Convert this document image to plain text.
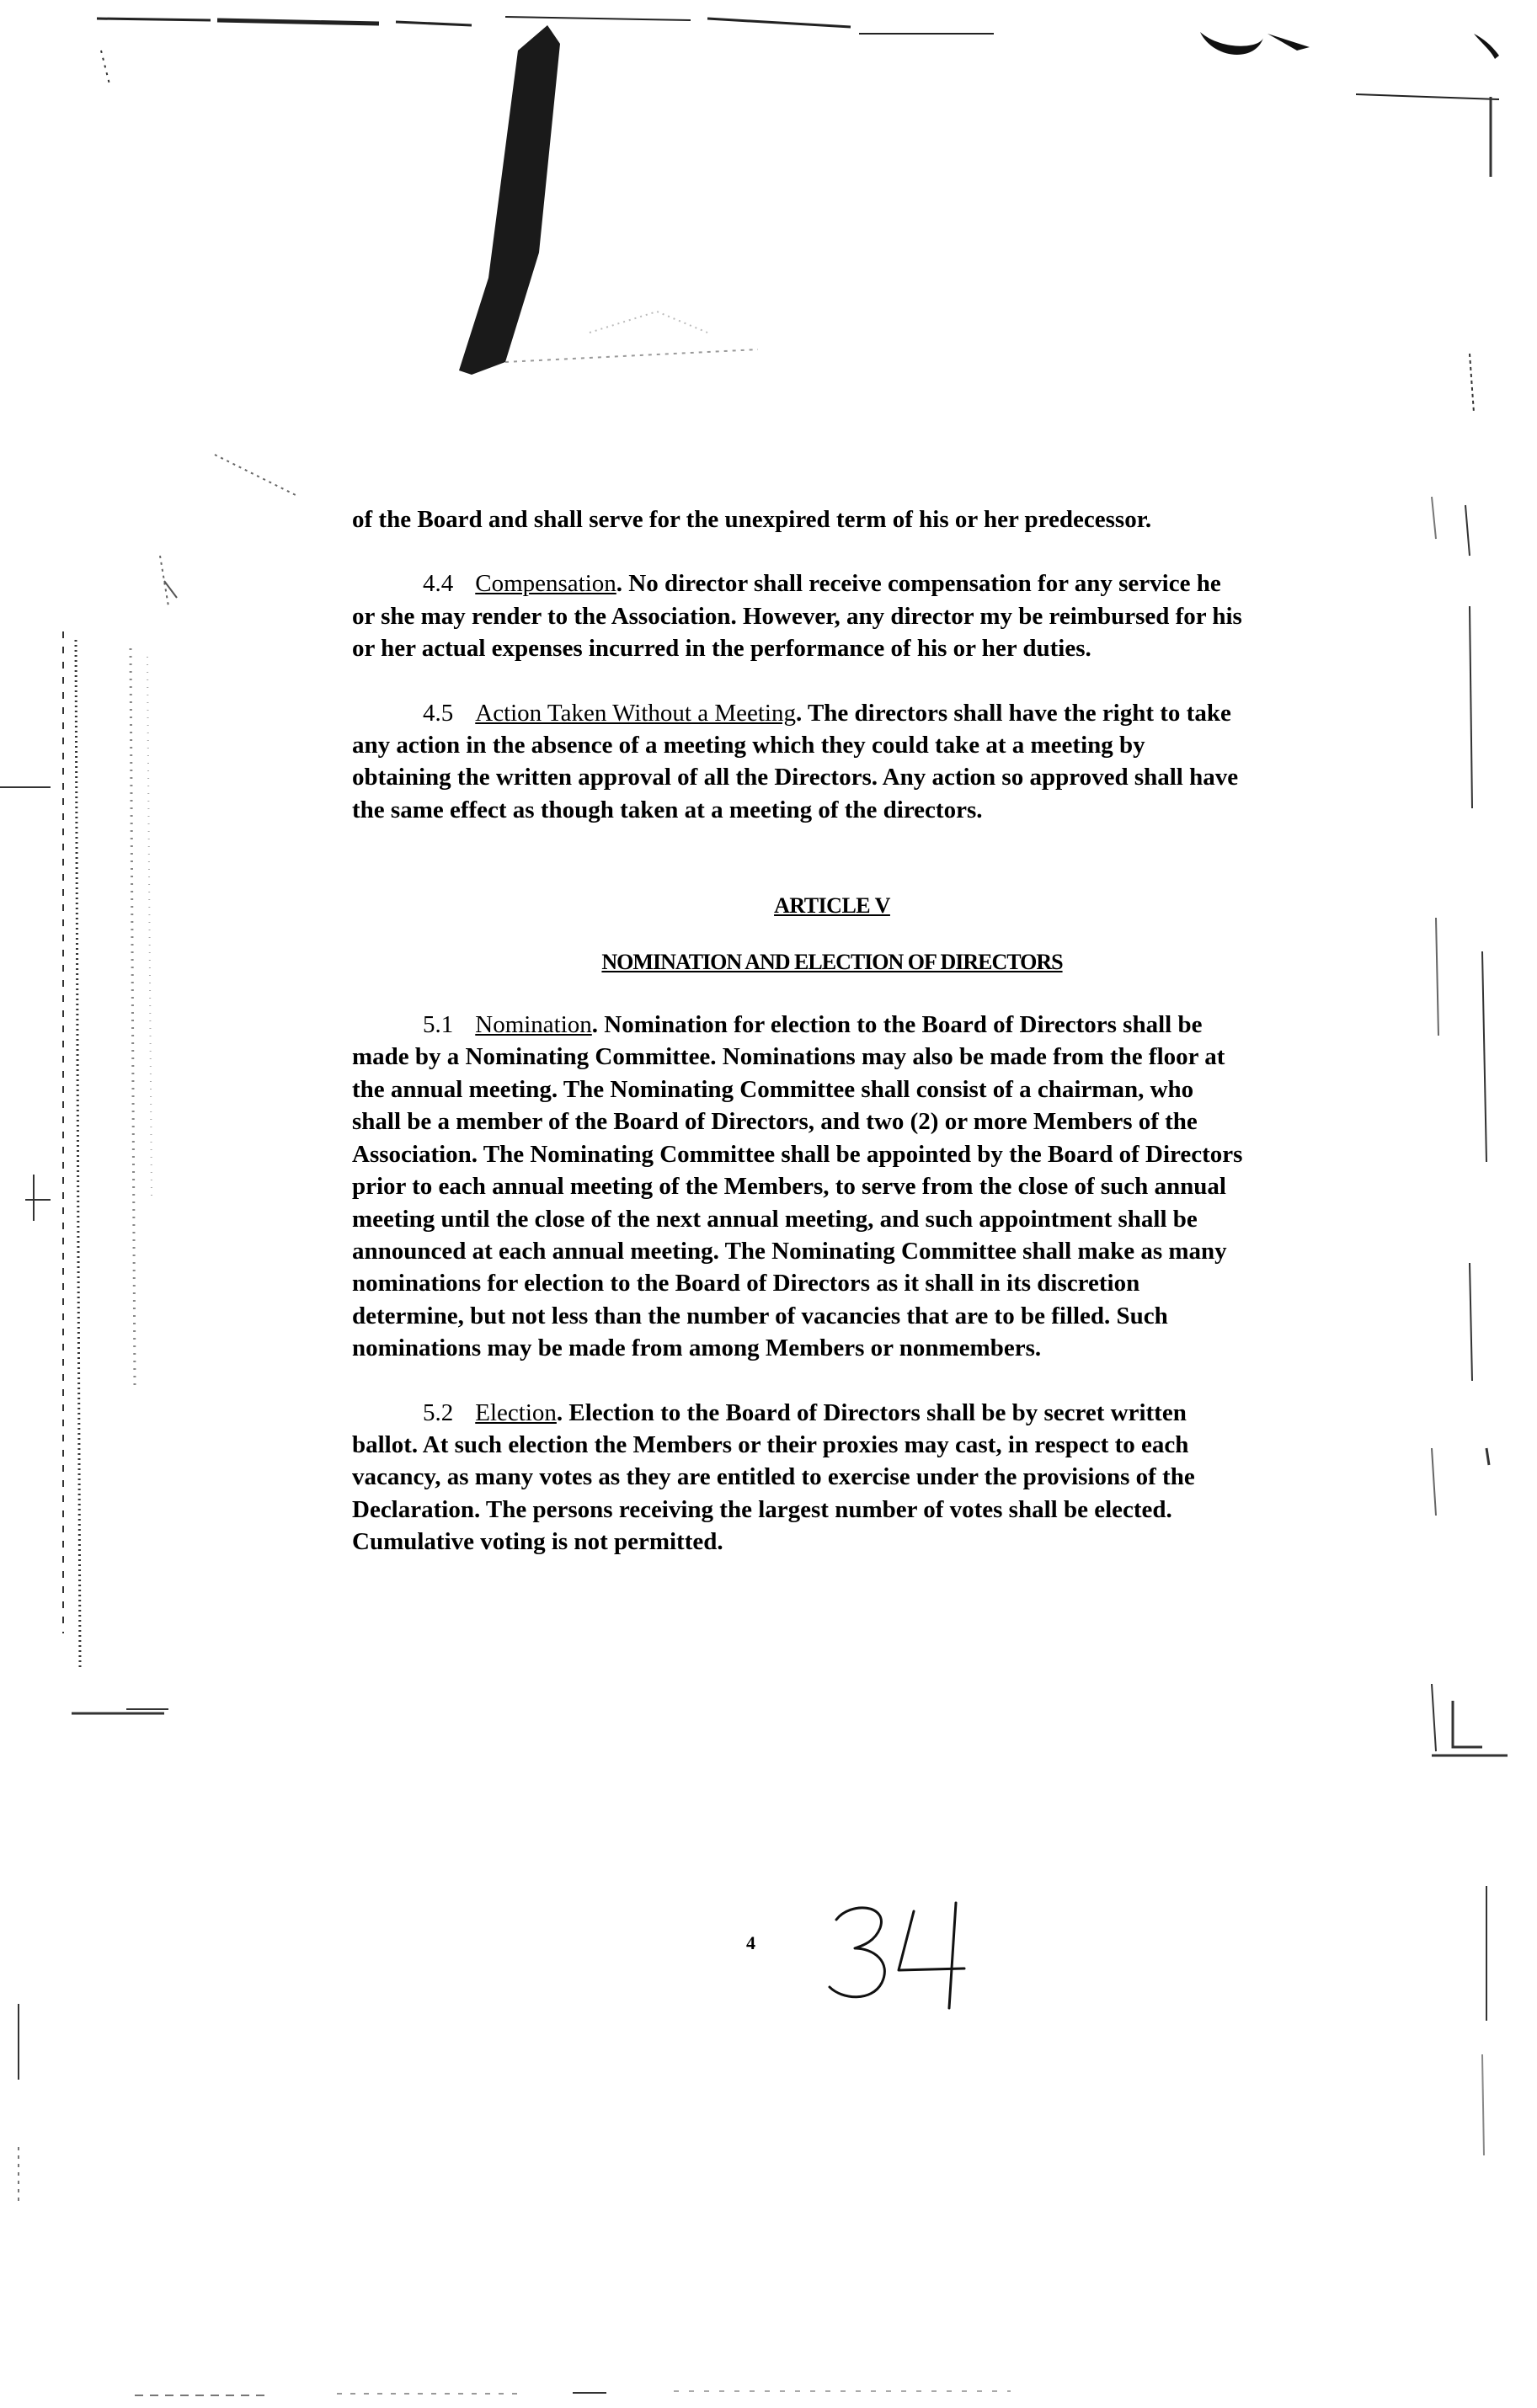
of the Board and shall serve for the unexpired term of his or her predecessor.

4.4 Compensation. No director shall receive compensation for any service he or she may render to the Association. However, any director my be reimbursed for his or her actual expenses incurred in the performance of his or her duties.

4.5 Action Taken Without a Meeting. The directors shall have the right to take any action in the absence of a meeting which they could take at a meeting by obtaining the written approval of all the Directors. Any action so approved shall have the same effect as though taken at a meeting of the directors.

ARTICLE V

NOMINATION AND ELECTION OF DIRECTORS

5.1 Nomination. Nomination for election to the Board of Directors shall be made by a Nominating Committee. Nominations may also be made from the floor at the annual meeting. The Nominating Committee shall consist of a chairman, who shall be a member of the Board of Directors, and two (2) or more Members of the Association. The Nominating Committee shall be appointed by the Board of Directors prior to each annual meeting of the Members, to serve from the close of such annual meeting until the close of the next annual meeting, and such appointment shall be announced at each annual meeting. The Nominating Committee shall make as many nominations for election to the Board of Directors as it shall in its discretion determine, but not less than the number of vacancies that are to be filled. Such nominations may be made from among Members or nonmembers.

5.2 Election. Election to the Board of Directors shall be by secret written ballot. At such election the Members or their proxies may cast, in respect to each vacancy, as many votes as they are entitled to exercise under the provisions of the Declaration. The persons receiving the largest number of votes shall be elected. Cumulative voting is not permitted.

4
